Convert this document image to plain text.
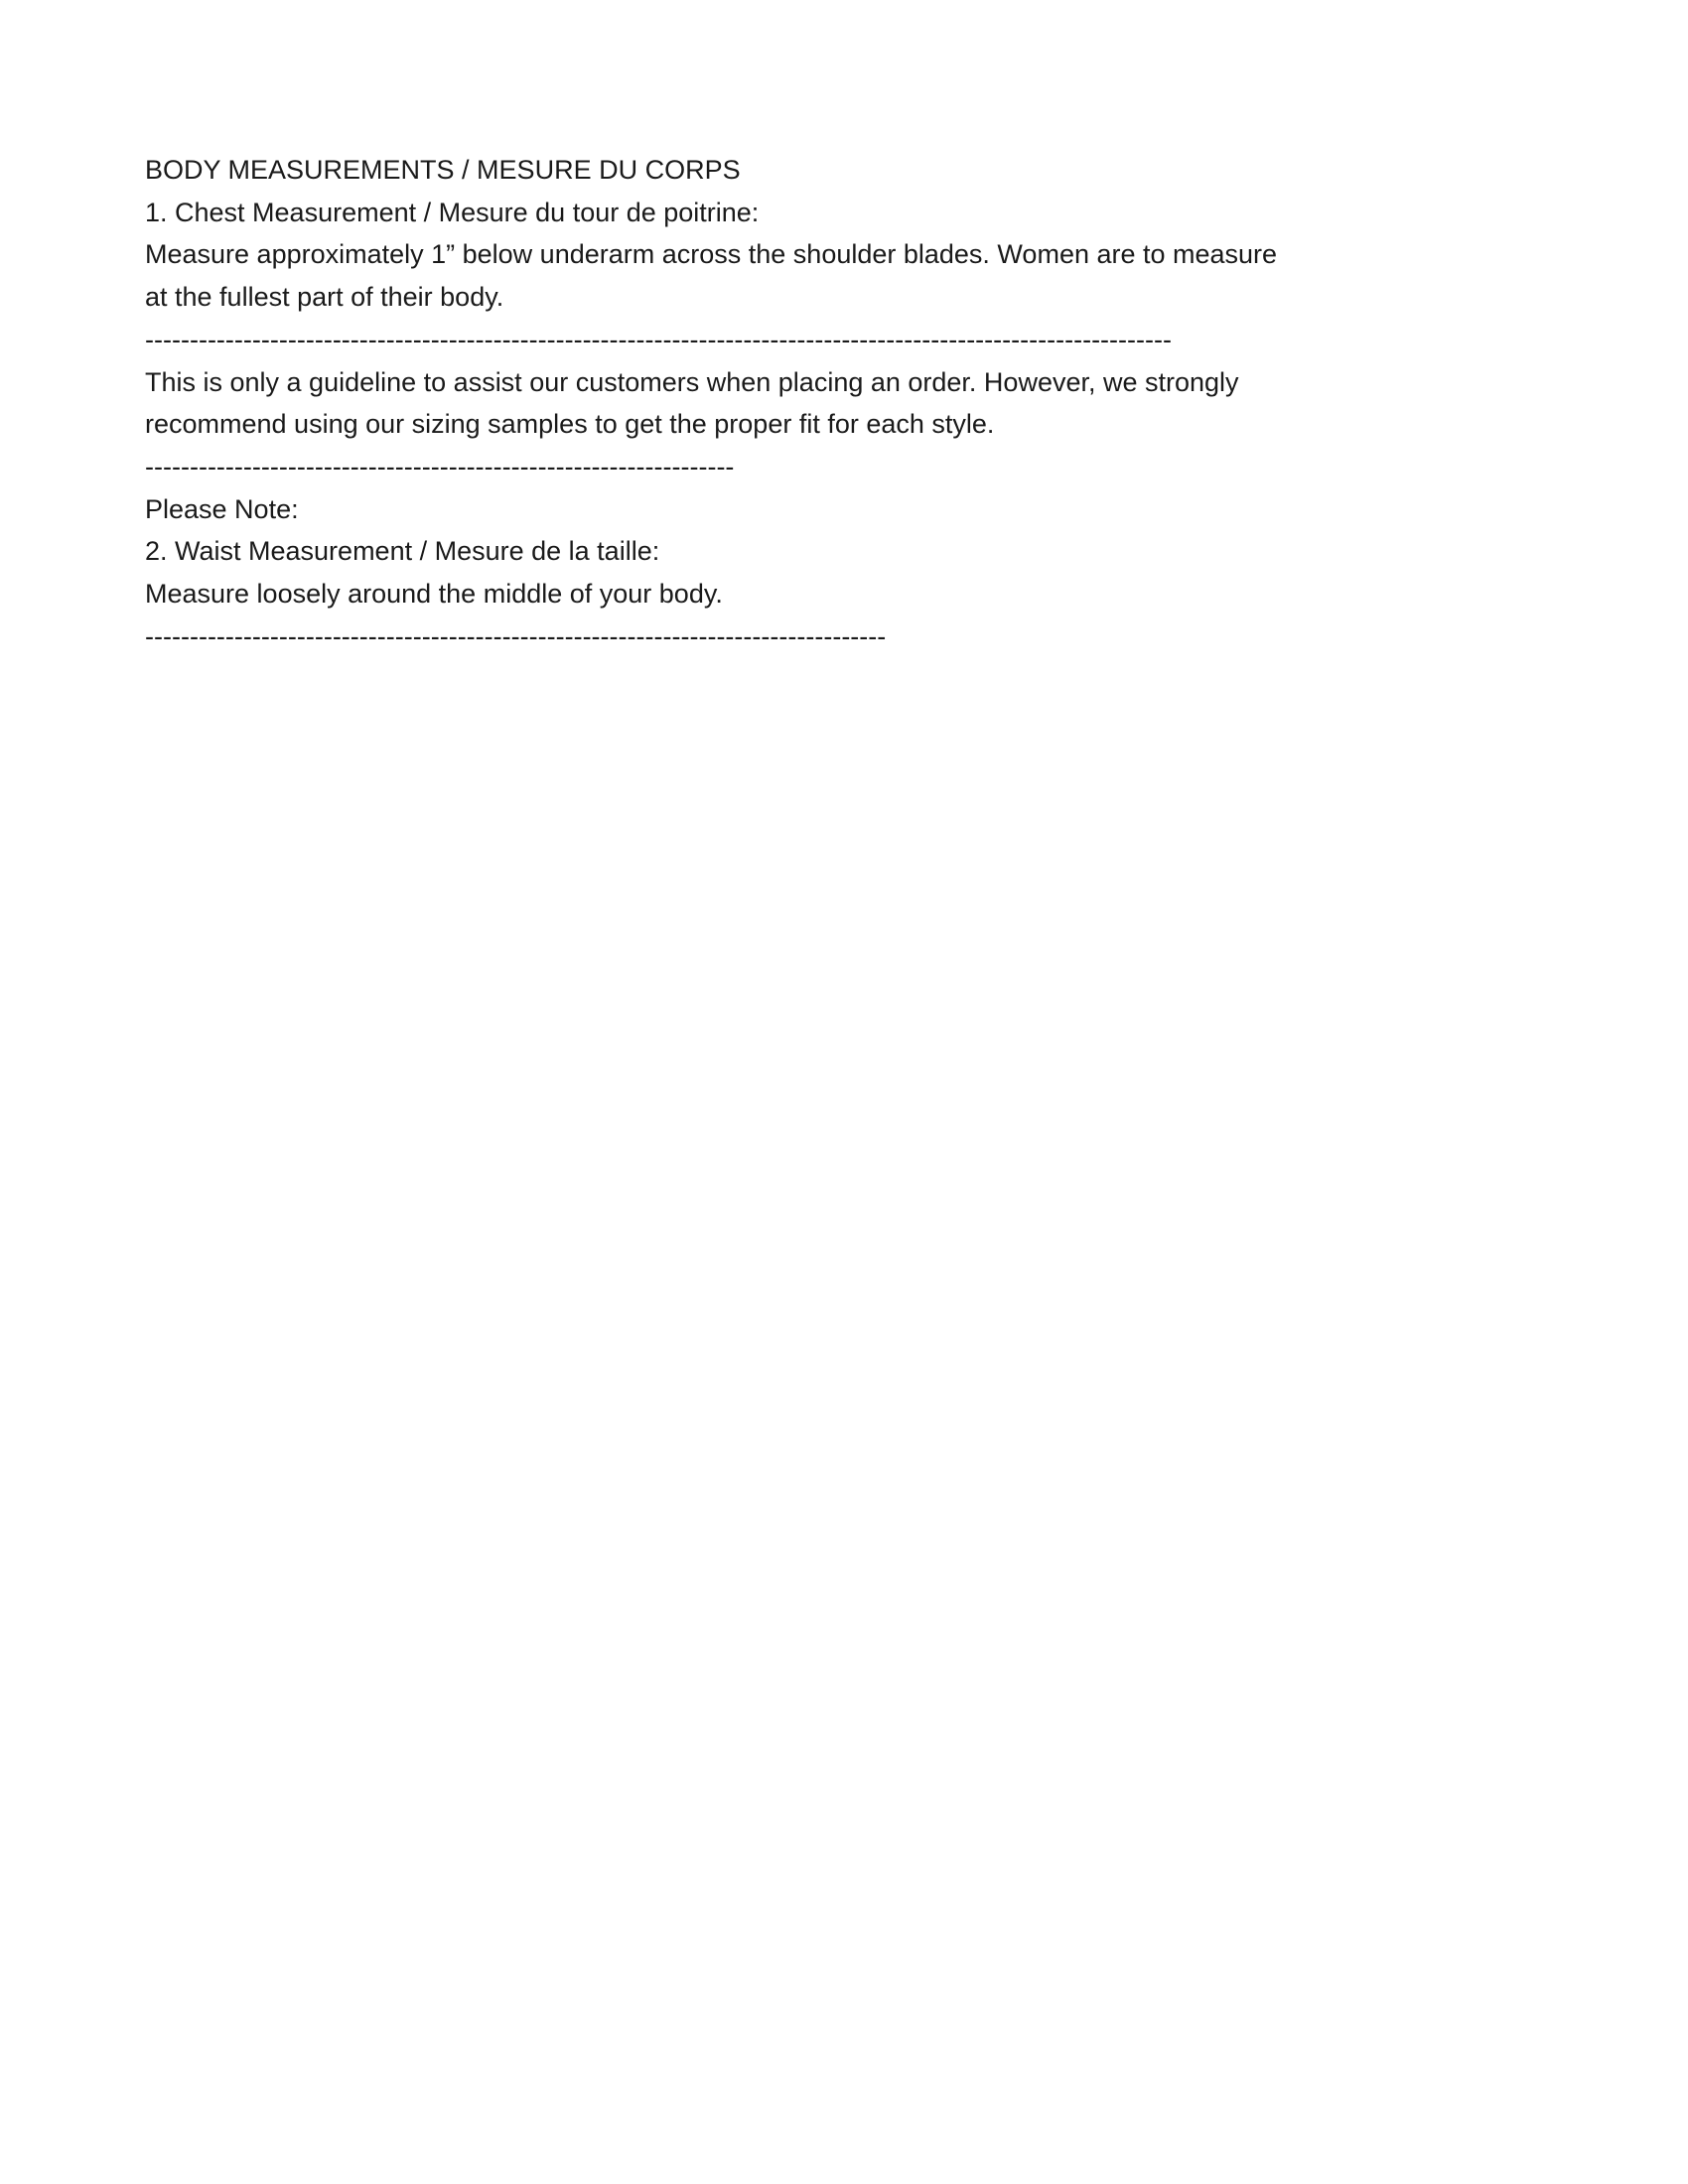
BODY MEASUREMENTS / MESURE DU CORPS
1. Chest Measurement / Mesure du tour de poitrine:
Measure approximately 1” below underarm across the shoulder blades. Women are to measure
at the fullest part of their body.
-------------------------------------------------------------------------------------------------------------------
This is only a guideline to assist our customers when placing an order. However, we strongly
recommend using our sizing samples to get the proper fit for each style.
------------------------------------------------------------------
Please Note:
2. Waist Measurement / Mesure de la taille:
Measure loosely around the middle of your body.
-----------------------------------------------------------------------------------
